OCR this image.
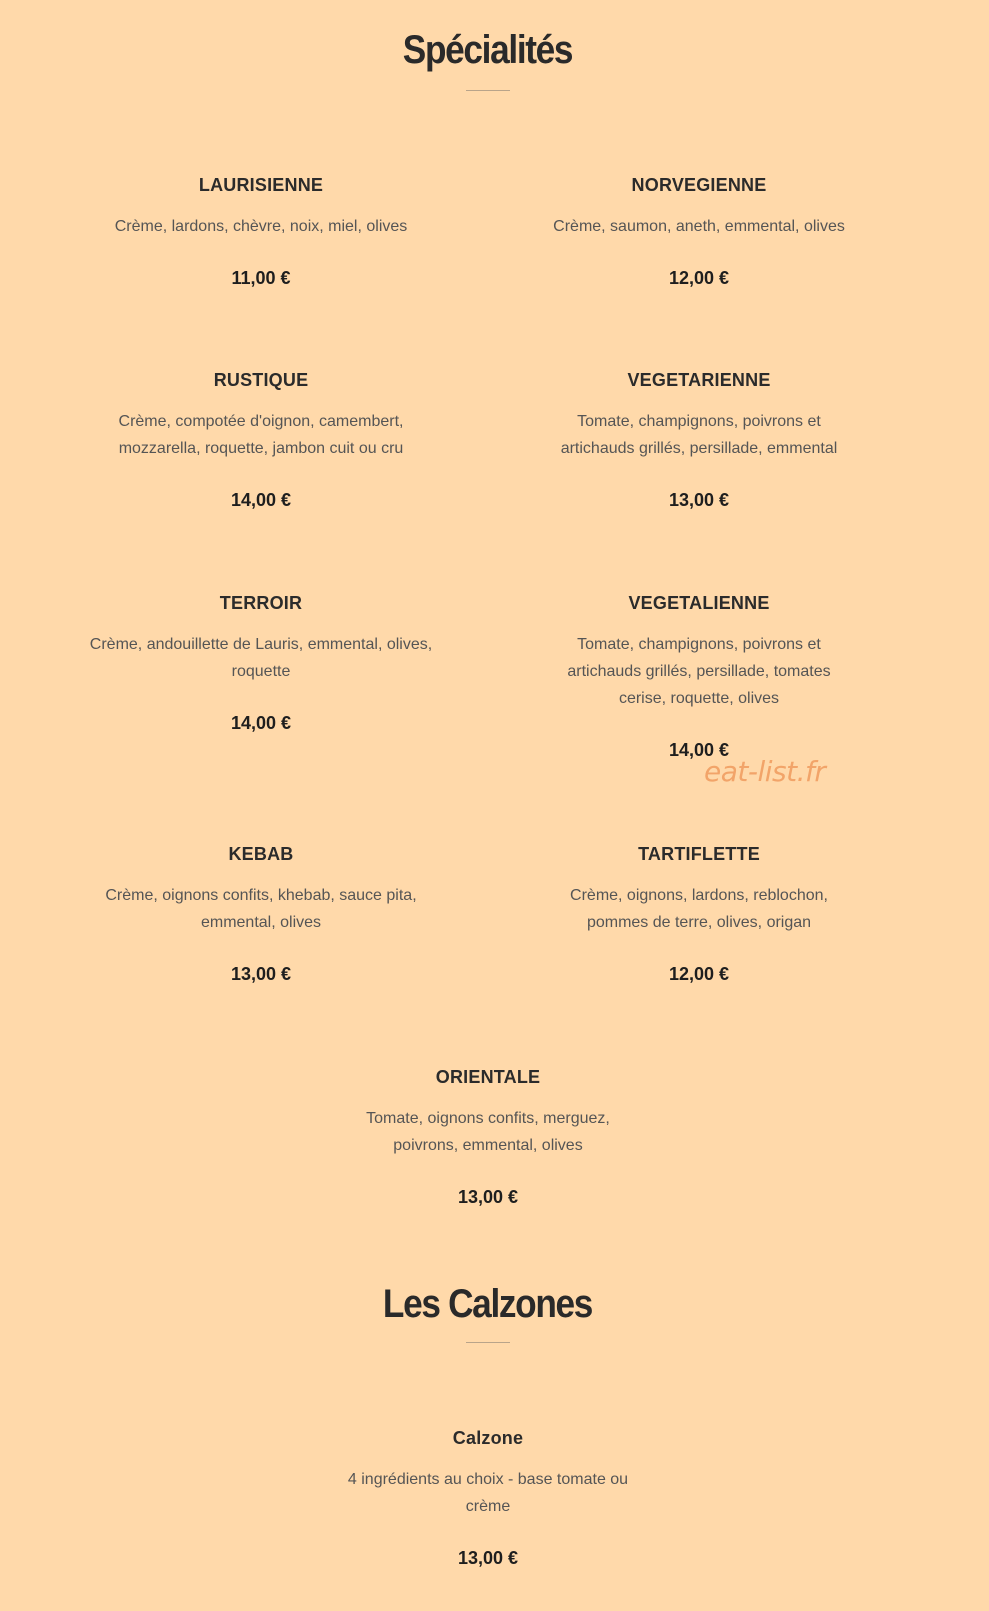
Spécialités
LAURISIENNE
Crème, lardons, chèvre, noix, miel, olives
11,00 €
NORVEGIENNE
Crème, saumon, aneth, emmental, olives
12,00 €
RUSTIQUE
Crème, compotée d'oignon, camembert, mozzarella, roquette, jambon cuit ou cru
14,00 €
VEGETARIENNE
Tomate, champignons, poivrons et artichauds grillés, persillade, emmental
13,00 €
TERROIR
Crème, andouillette de Lauris, emmental, olives, roquette
14,00 €
VEGETALIENNE
Tomate, champignons, poivrons et artichauds grillés, persillade, tomates cerise, roquette, olives
14,00 €
eat-list.fr
KEBAB
Crème, oignons confits, khebab, sauce pita, emmental, olives
13,00 €
TARTIFLETTE
Crème, oignons, lardons, reblochon, pommes de terre, olives, origan
12,00 €
ORIENTALE
Tomate, oignons confits, merguez, poivrons, emmental, olives
13,00 €
Les Calzones
Calzone
4 ingrédients au choix - base tomate ou crème
13,00 €
